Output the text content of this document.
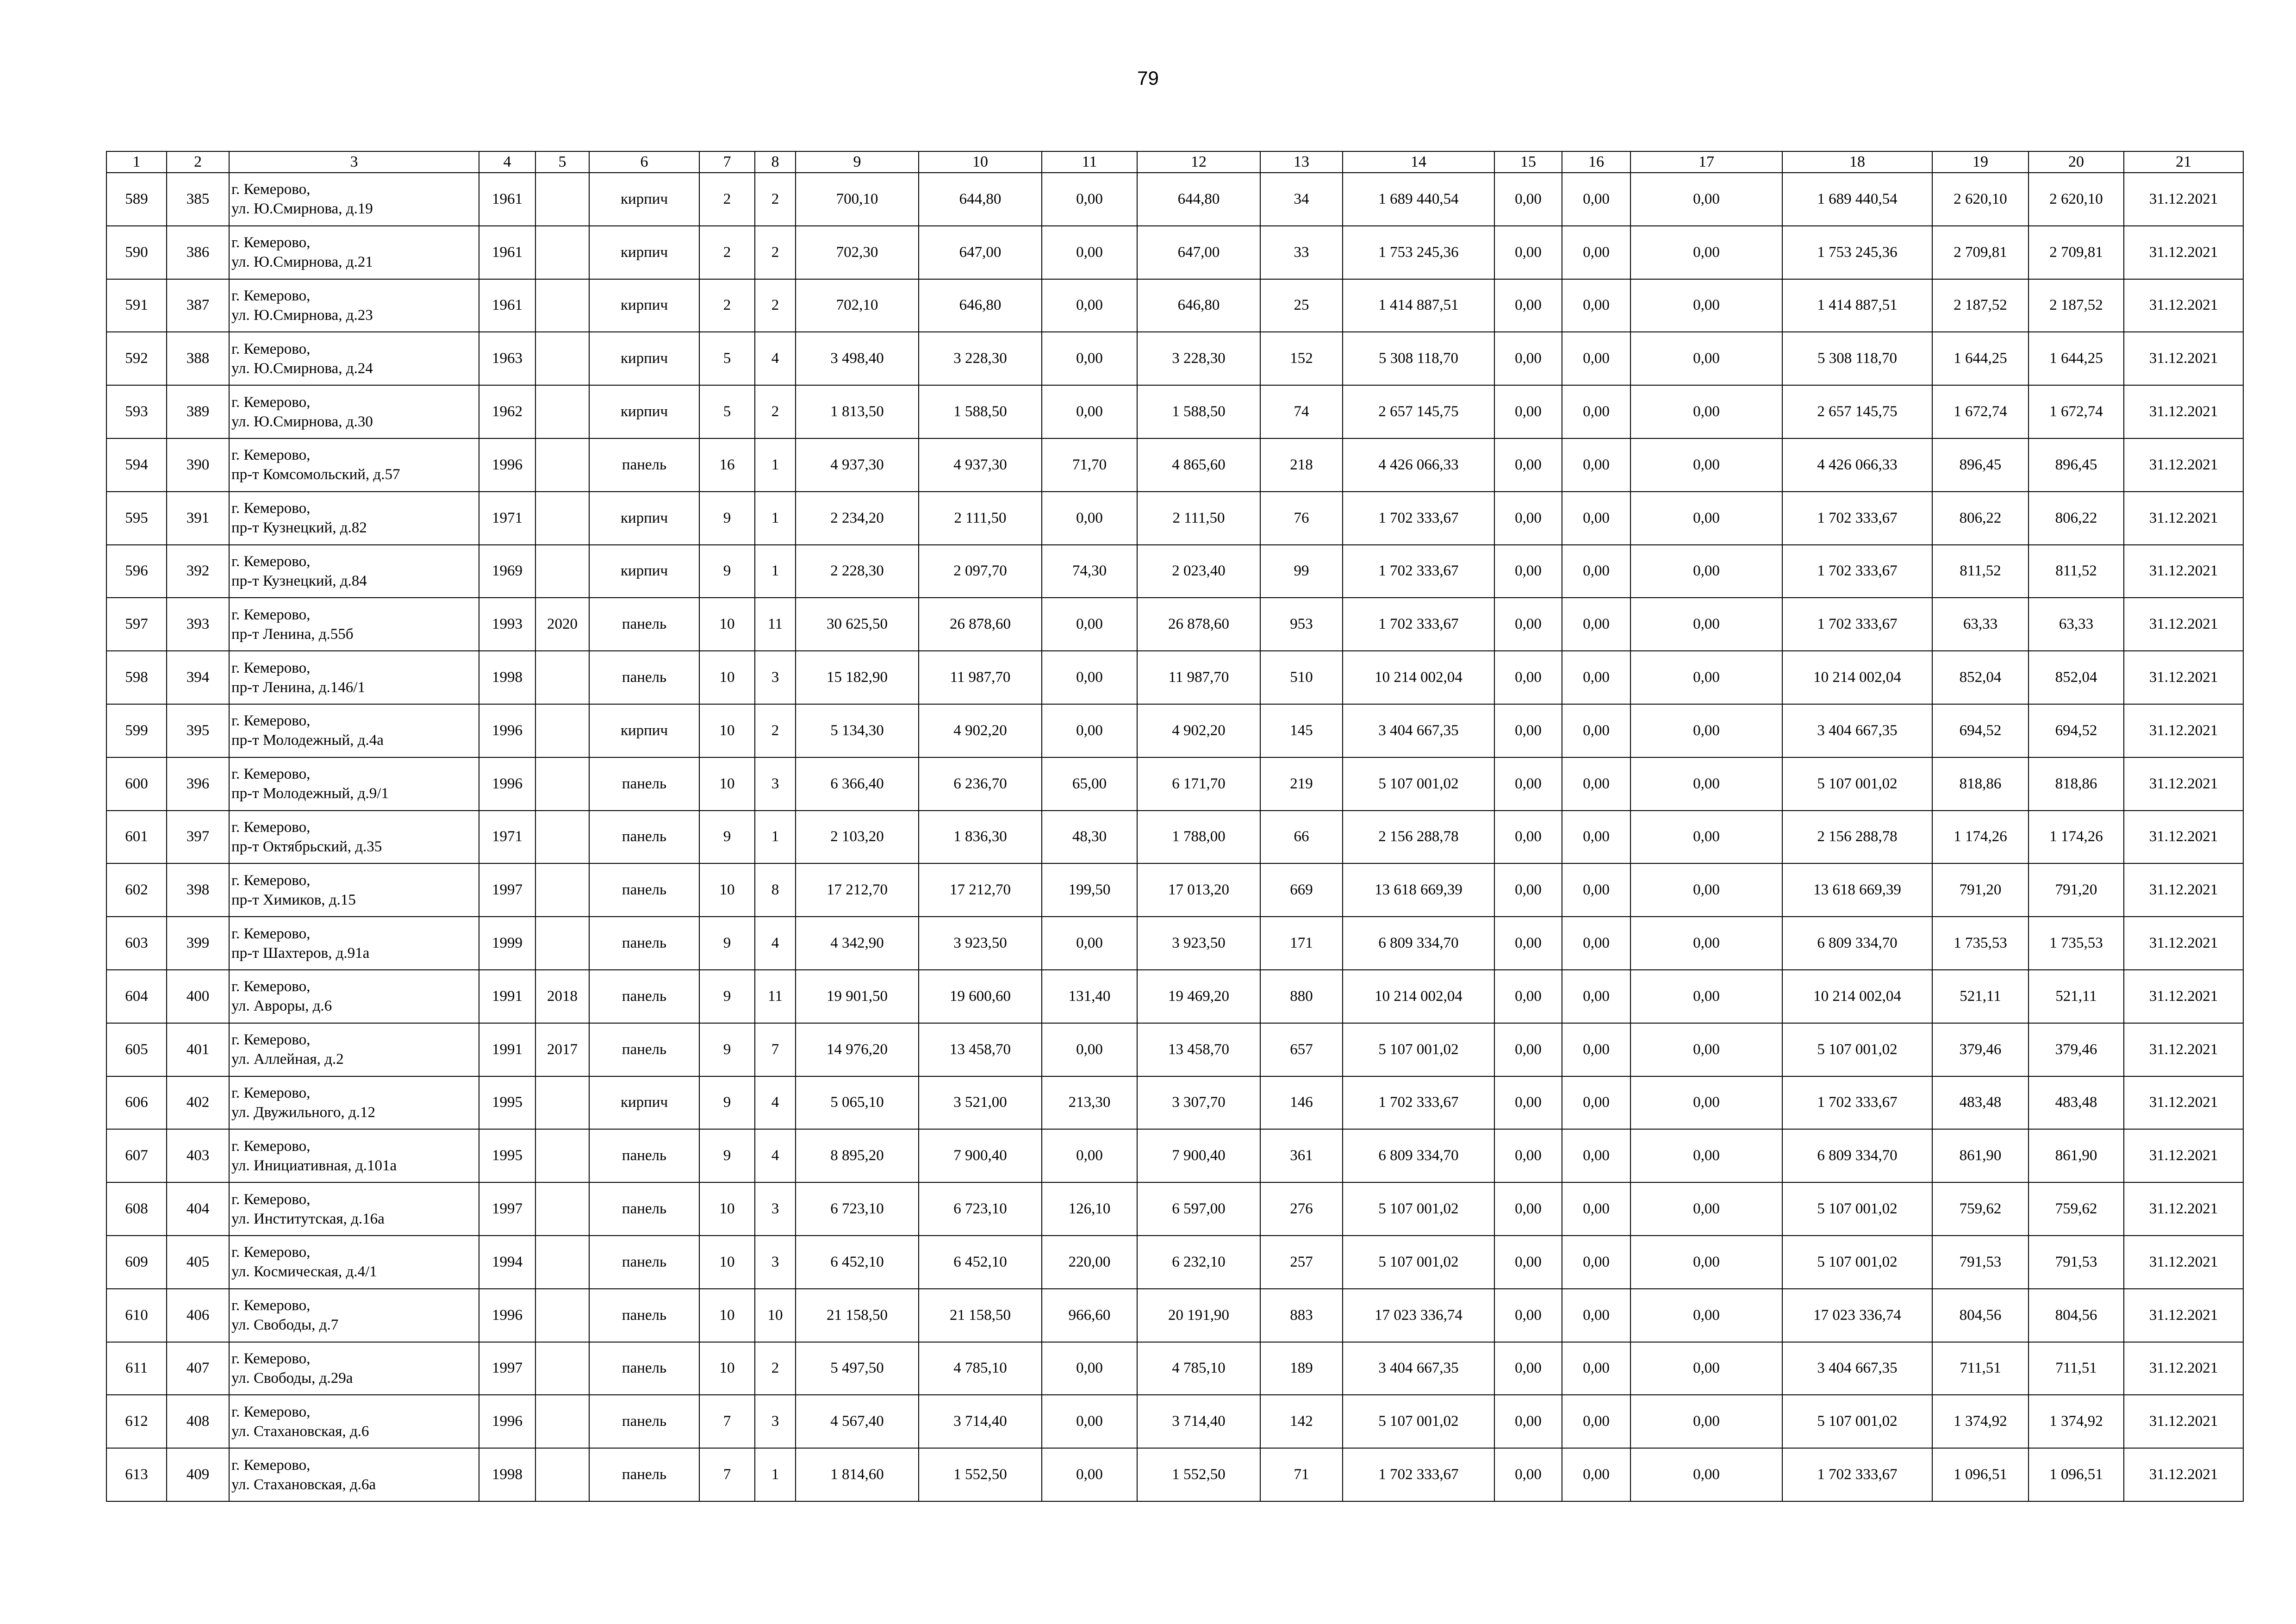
79
1	2	3	4	5	6	7	8	9	10	11	12	13	14	15	16	17	18	19	20	21
589	385	г. Кемерово,
ул. Ю.Смирнова, д.19	1961		кирпич	2	2	700,10	644,80	0,00	644,80	34	1 689 440,54	0,00	0,00	0,00	1 689 440,54	2 620,10	2 620,10	31.12.2021
590	386	г. Кемерово,
ул. Ю.Смирнова, д.21	1961		кирпич	2	2	702,30	647,00	0,00	647,00	33	1 753 245,36	0,00	0,00	0,00	1 753 245,36	2 709,81	2 709,81	31.12.2021
591	387	г. Кемерово,
ул. Ю.Смирнова, д.23	1961		кирпич	2	2	702,10	646,80	0,00	646,80	25	1 414 887,51	0,00	0,00	0,00	1 414 887,51	2 187,52	2 187,52	31.12.2021
592	388	г. Кемерово,
ул. Ю.Смирнова, д.24	1963		кирпич	5	4	3 498,40	3 228,30	0,00	3 228,30	152	5 308 118,70	0,00	0,00	0,00	5 308 118,70	1 644,25	1 644,25	31.12.2021
593	389	г. Кемерово,
ул. Ю.Смирнова, д.30	1962		кирпич	5	2	1 813,50	1 588,50	0,00	1 588,50	74	2 657 145,75	0,00	0,00	0,00	2 657 145,75	1 672,74	1 672,74	31.12.2021
594	390	г. Кемерово,
пр-т Комсомольский, д.57	1996		панель	16	1	4 937,30	4 937,30	71,70	4 865,60	218	4 426 066,33	0,00	0,00	0,00	4 426 066,33	896,45	896,45	31.12.2021
595	391	г. Кемерово,
пр-т Кузнецкий, д.82	1971		кирпич	9	1	2 234,20	2 111,50	0,00	2 111,50	76	1 702 333,67	0,00	0,00	0,00	1 702 333,67	806,22	806,22	31.12.2021
596	392	г. Кемерово,
пр-т Кузнецкий, д.84	1969		кирпич	9	1	2 228,30	2 097,70	74,30	2 023,40	99	1 702 333,67	0,00	0,00	0,00	1 702 333,67	811,52	811,52	31.12.2021
597	393	г. Кемерово,
пр-т Ленина, д.55б	1993	2020	панель	10	11	30 625,50	26 878,60	0,00	26 878,60	953	1 702 333,67	0,00	0,00	0,00	1 702 333,67	63,33	63,33	31.12.2021
598	394	г. Кемерово,
пр-т Ленина, д.146/1	1998		панель	10	3	15 182,90	11 987,70	0,00	11 987,70	510	10 214 002,04	0,00	0,00	0,00	10 214 002,04	852,04	852,04	31.12.2021
599	395	г. Кемерово,
пр-т Молодежный, д.4а	1996		кирпич	10	2	5 134,30	4 902,20	0,00	4 902,20	145	3 404 667,35	0,00	0,00	0,00	3 404 667,35	694,52	694,52	31.12.2021
600	396	г. Кемерово,
пр-т Молодежный, д.9/1	1996		панель	10	3	6 366,40	6 236,70	65,00	6 171,70	219	5 107 001,02	0,00	0,00	0,00	5 107 001,02	818,86	818,86	31.12.2021
601	397	г. Кемерово,
пр-т Октябрьский, д.35	1971		панель	9	1	2 103,20	1 836,30	48,30	1 788,00	66	2 156 288,78	0,00	0,00	0,00	2 156 288,78	1 174,26	1 174,26	31.12.2021
602	398	г. Кемерово,
пр-т Химиков, д.15	1997		панель	10	8	17 212,70	17 212,70	199,50	17 013,20	669	13 618 669,39	0,00	0,00	0,00	13 618 669,39	791,20	791,20	31.12.2021
603	399	г. Кемерово,
пр-т Шахтеров, д.91а	1999		панель	9	4	4 342,90	3 923,50	0,00	3 923,50	171	6 809 334,70	0,00	0,00	0,00	6 809 334,70	1 735,53	1 735,53	31.12.2021
604	400	г. Кемерово,
ул. Авроры, д.6	1991	2018	панель	9	11	19 901,50	19 600,60	131,40	19 469,20	880	10 214 002,04	0,00	0,00	0,00	10 214 002,04	521,11	521,11	31.12.2021
605	401	г. Кемерово,
ул. Аллейная, д.2	1991	2017	панель	9	7	14 976,20	13 458,70	0,00	13 458,70	657	5 107 001,02	0,00	0,00	0,00	5 107 001,02	379,46	379,46	31.12.2021
606	402	г. Кемерово,
ул. Двужильного, д.12	1995		кирпич	9	4	5 065,10	3 521,00	213,30	3 307,70	146	1 702 333,67	0,00	0,00	0,00	1 702 333,67	483,48	483,48	31.12.2021
607	403	г. Кемерово,
ул. Инициативная, д.101а	1995		панель	9	4	8 895,20	7 900,40	0,00	7 900,40	361	6 809 334,70	0,00	0,00	0,00	6 809 334,70	861,90	861,90	31.12.2021
608	404	г. Кемерово,
ул. Институтская, д.16а	1997		панель	10	3	6 723,10	6 723,10	126,10	6 597,00	276	5 107 001,02	0,00	0,00	0,00	5 107 001,02	759,62	759,62	31.12.2021
609	405	г. Кемерово,
ул. Космическая, д.4/1	1994		панель	10	3	6 452,10	6 452,10	220,00	6 232,10	257	5 107 001,02	0,00	0,00	0,00	5 107 001,02	791,53	791,53	31.12.2021
610	406	г. Кемерово,
ул. Свободы, д.7	1996		панель	10	10	21 158,50	21 158,50	966,60	20 191,90	883	17 023 336,74	0,00	0,00	0,00	17 023 336,74	804,56	804,56	31.12.2021
611	407	г. Кемерово,
ул. Свободы, д.29а	1997		панель	10	2	5 497,50	4 785,10	0,00	4 785,10	189	3 404 667,35	0,00	0,00	0,00	3 404 667,35	711,51	711,51	31.12.2021
612	408	г. Кемерово,
ул. Стахановская, д.6	1996		панель	7	3	4 567,40	3 714,40	0,00	3 714,40	142	5 107 001,02	0,00	0,00	0,00	5 107 001,02	1 374,92	1 374,92	31.12.2021
613	409	г. Кемерово,
ул. Стахановская, д.6а	1998		панель	7	1	1 814,60	1 552,50	0,00	1 552,50	71	1 702 333,67	0,00	0,00	0,00	1 702 333,67	1 096,51	1 096,51	31.12.2021
